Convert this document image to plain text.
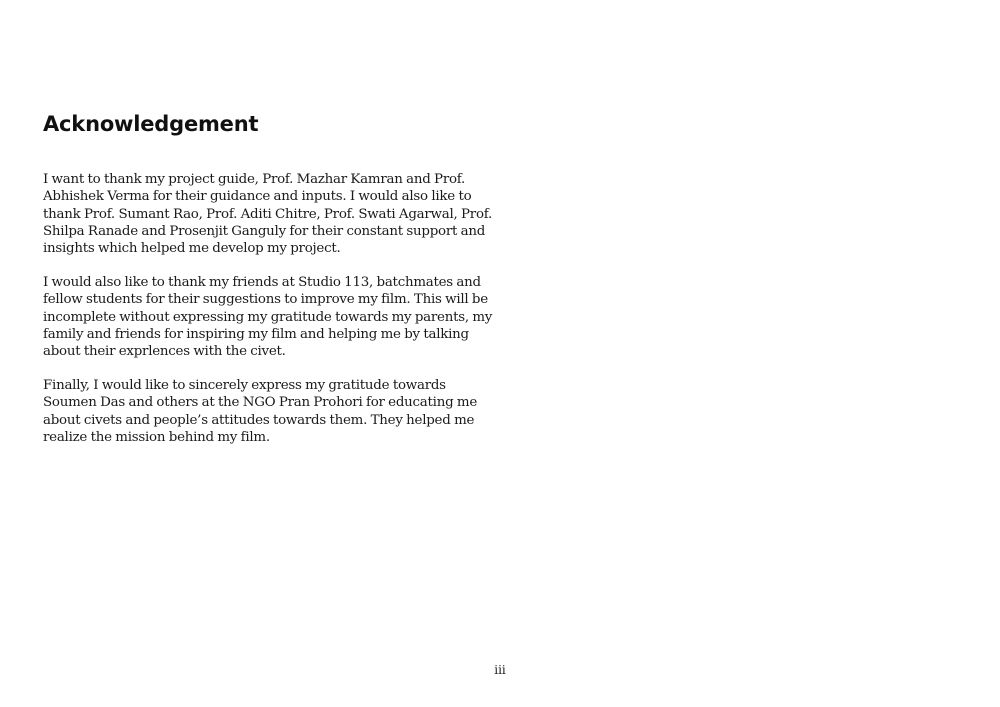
Acknowledgement

I want to thank my project guide, Prof. Mazhar Kamran and Prof.
Abhishek Verma for their guidance and inputs. I would also like to
thank Prof. Sumant Rao, Prof. Aditi Chitre, Prof. Swati Agarwal, Prof.
Shilpa Ranade and Prosenjit Ganguly for their constant support and
insights which helped me develop my project.

I would also like to thank my friends at Studio 113, batchmates and
fellow students for their suggestions to improve my film. This will be
incomplete without expressing my gratitude towards my parents, my
family and friends for inspiring my film and helping me by talking
about their exprlences with the civet.

Finally, I would like to sincerely express my gratitude towards
Soumen Das and others at the NGO Pran Prohori for educating me
about civets and people’s attitudes towards them. They helped me
realize the mission behind my film.

iii
